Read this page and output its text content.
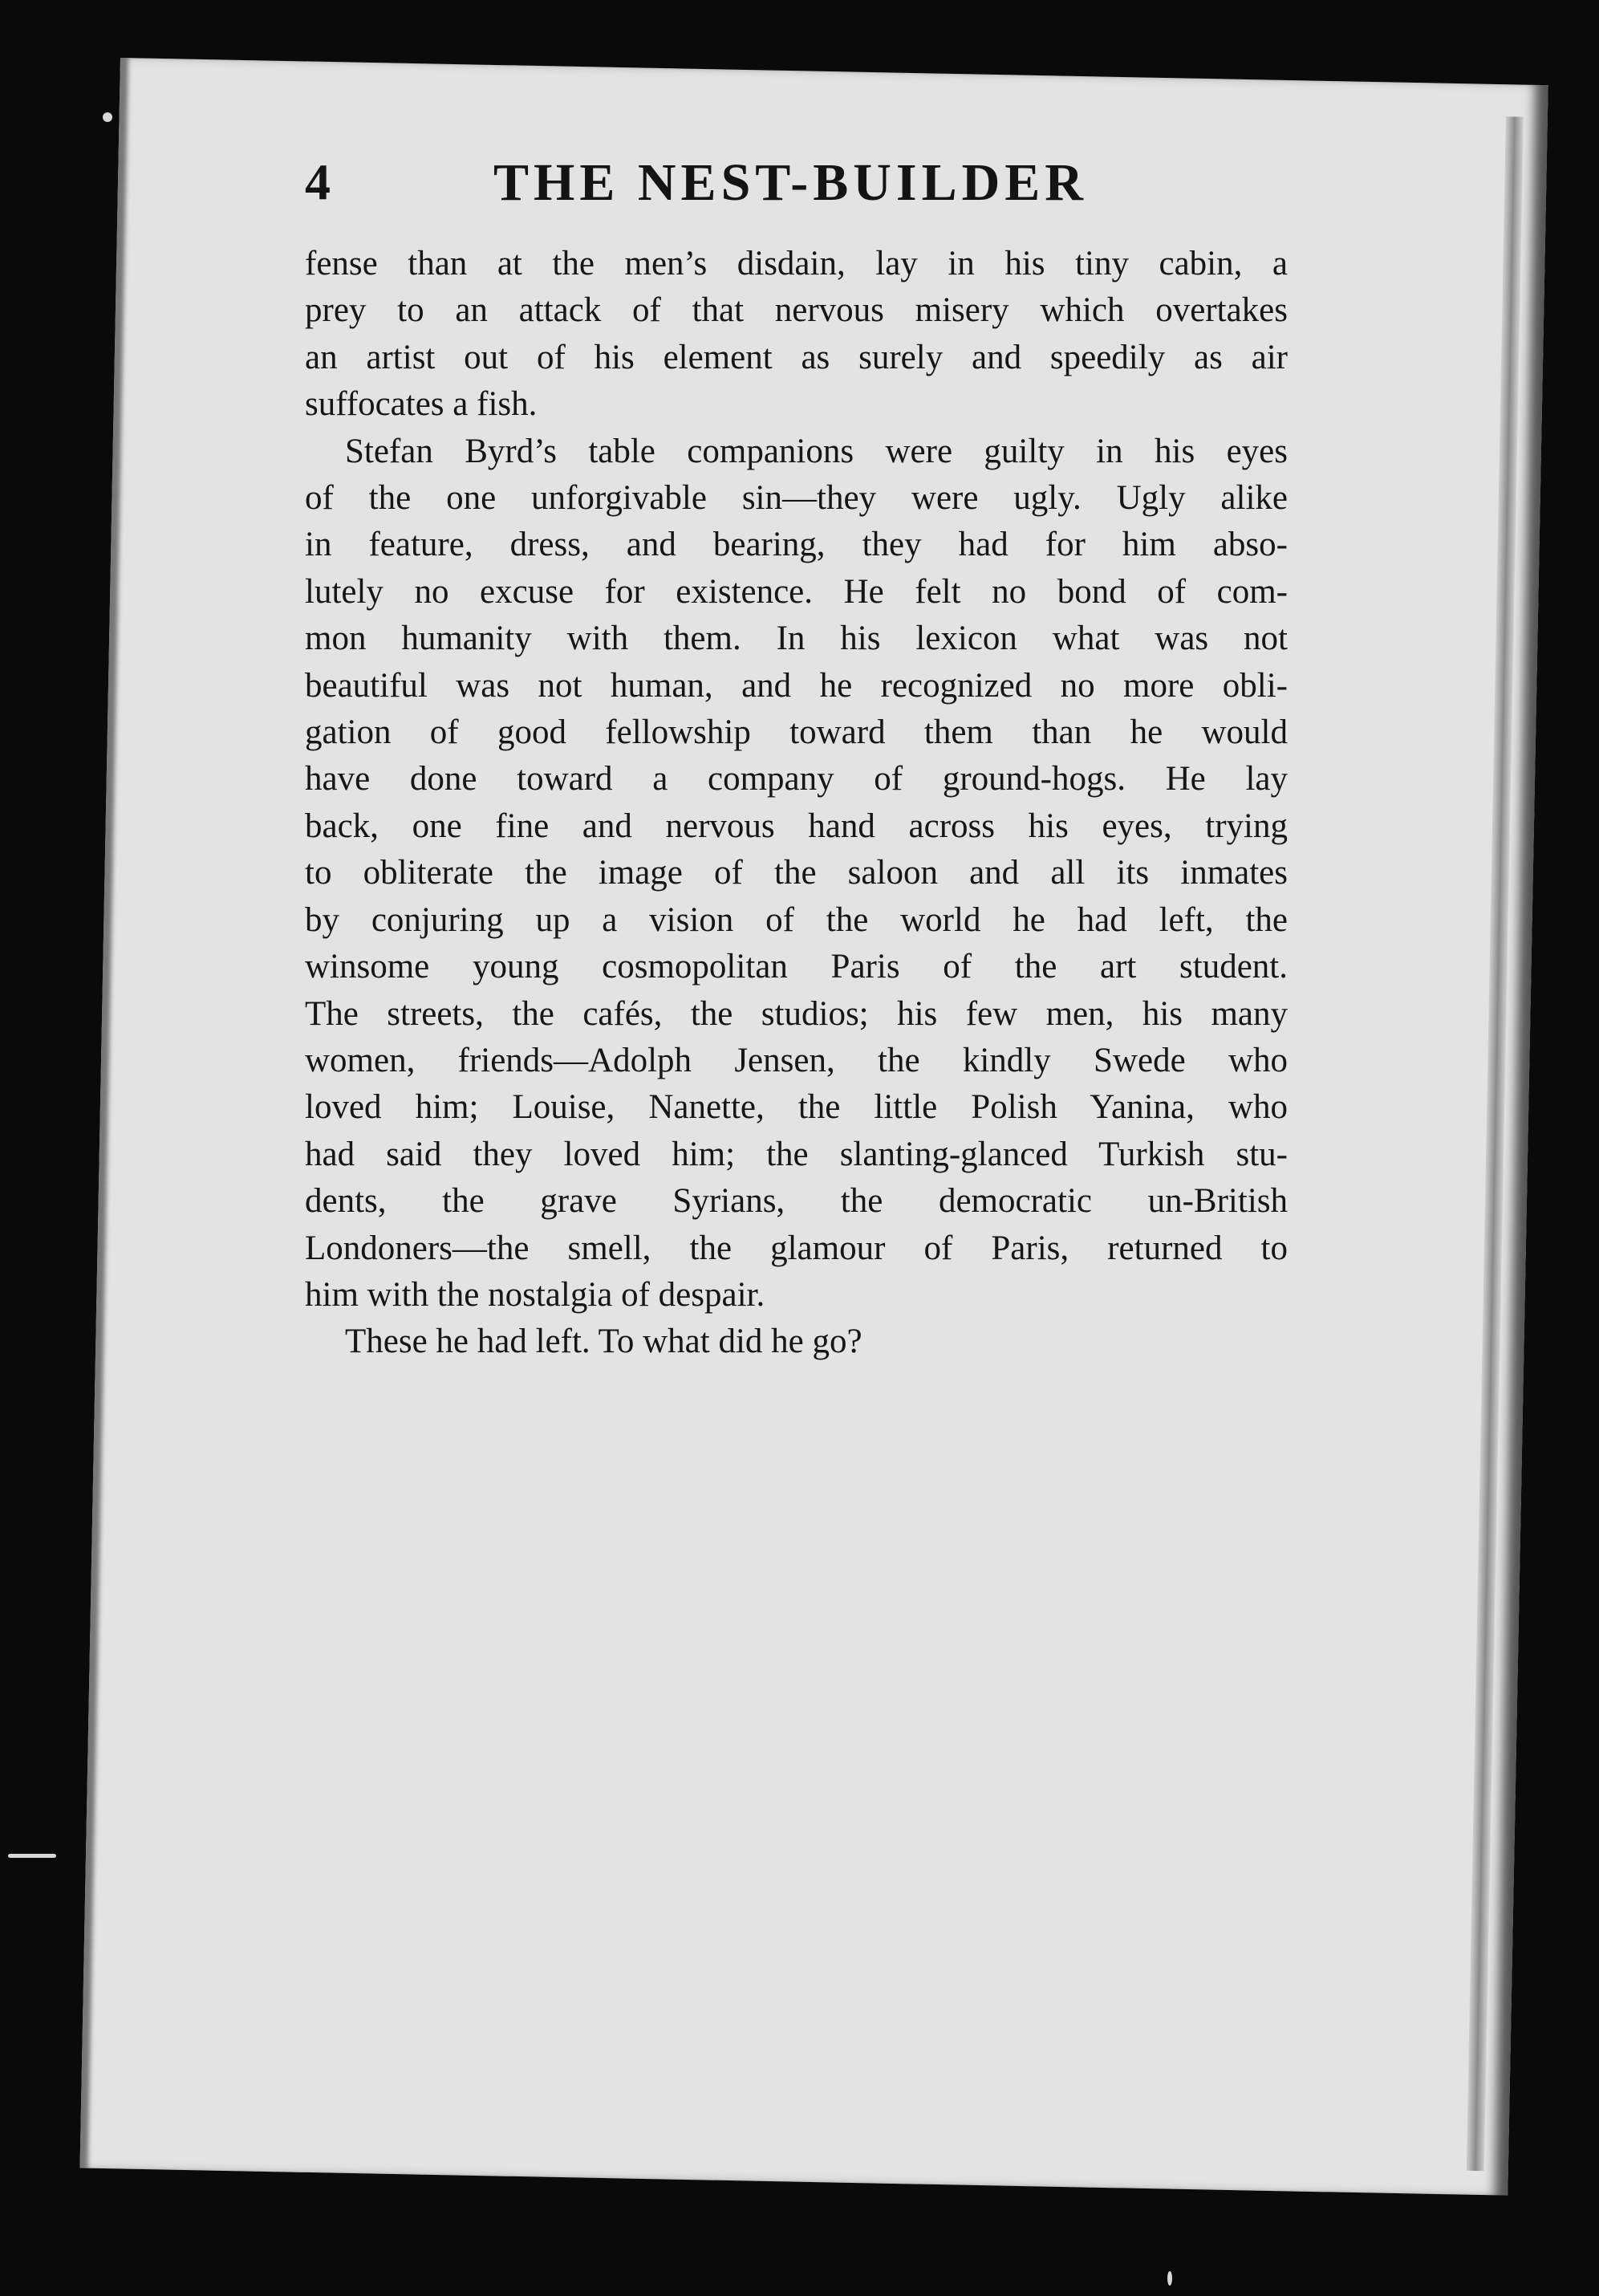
4	THE NEST-BUILDER
fense than at the men’s disdain, lay in his tiny cabin, a
prey to an attack of that nervous misery which overtakes
an artist out of his element as surely and speedily as air
suffocates a fish.
Stefan Byrd’s table companions were guilty in his eyes
of the one unforgivable sin—they were ugly. Ugly alike
in feature, dress, and bearing, they had for him abso-
lutely no excuse for existence. He felt no bond of com-
mon humanity with them. In his lexicon what was not
beautiful was not human, and he recognized no more obli-
gation of good fellowship toward them than he would
have done toward a company of ground-hogs. He lay
back, one fine and nervous hand across his eyes, trying
to obliterate the image of the saloon and all its inmates
by conjuring up a vision of the world he had left, the
winsome young cosmopolitan Paris of the art student.
The streets, the cafés, the studios; his few men, his many
women, friends—Adolph Jensen, the kindly Swede who
loved him; Louise, Nanette, the little Polish Yanina, who
had said they loved him; the slanting-glanced Turkish stu-
dents, the grave Syrians, the democratic un-British
Londoners—the smell, the glamour of Paris, returned to
him with the nostalgia of despair.
These he had left. To what did he go?
